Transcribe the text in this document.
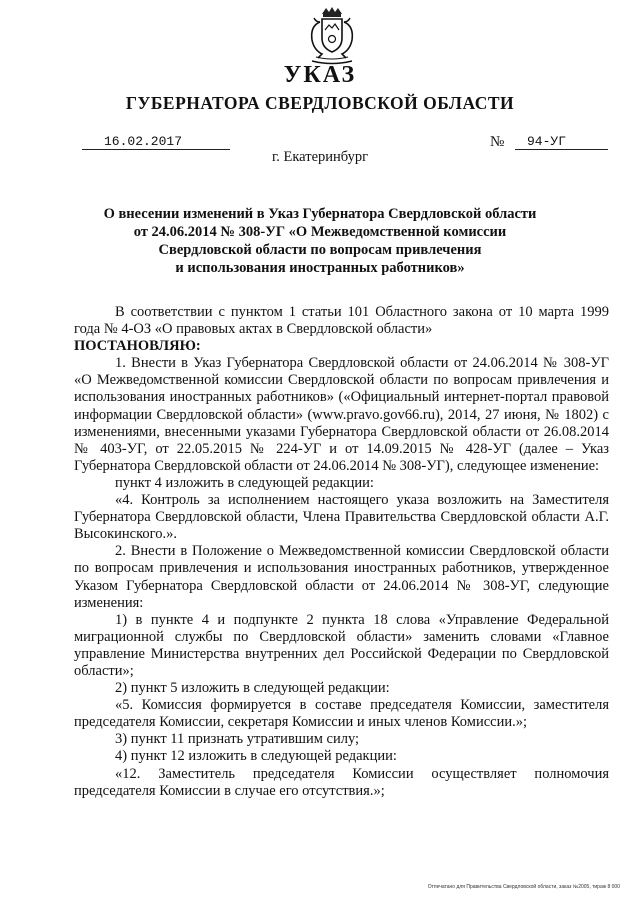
УКАЗ
ГУБЕРНАТОРА СВЕРДЛОВСКОЙ ОБЛАСТИ
16.02.2017	№	94-УГ
г. Екатеринбург
О внесении изменений в Указ Губернатора Свердловской области
от 24.06.2014 № 308-УГ «О Межведомственной комиссии
Свердловской области по вопросам привлечения
и использования иностранных работников»

В соответствии с пунктом 1 статьи 101 Областного закона от 10 марта 1999 года № 4-ОЗ «О правовых актах в Свердловской области»

ПОСТАНОВЛЯЮ:

1. Внести в Указ Губернатора Свердловской области от 24.06.2014 № 308-УГ «О Межведомственной комиссии Свердловской области по вопросам привлечения и использования иностранных работников» («Официальный интернет-портал правовой информации Свердловской области» (www.pravo.gov66.ru), 2014, 27 июня, № 1802) с изменениями, внесенными указами Губернатора Свердловской области от 26.08.2014 № 403-УГ, от 22.05.2015 № 224-УГ и от 14.09.2015 № 428-УГ (далее – Указ Губернатора Свердловской области от 24.06.2014 № 308-УГ), следующее изменение:

пункт 4 изложить в следующей редакции:

«4. Контроль за исполнением настоящего указа возложить на Заместителя Губернатора Свердловской области, Члена Правительства Свердловской области А.Г. Высокинского.».

2. Внести в Положение о Межведомственной комиссии Свердловской области по вопросам привлечения и использования иностранных работников, утвержденное Указом Губернатора Свердловской области от 24.06.2014 № 308-УГ, следующие изменения:

1) в пункте 4 и подпункте 2 пункта 18 слова «Управление Федеральной миграционной службы по Свердловской области» заменить словами «Главное управление Министерства внутренних дел Российской Федерации по Свердловской области»;

2) пункт 5 изложить в следующей редакции:

«5. Комиссия формируется в составе председателя Комиссии, заместителя председателя Комиссии, секретаря Комиссии и иных членов Комиссии.»;

3) пункт 11 признать утратившим силу;

4) пункт 12 изложить в следующей редакции:

«12. Заместитель председателя Комиссии осуществляет полномочия председателя Комиссии в случае его отсутствия.»;

Отпечатано для Правительства Свердловской области, заказ №2005, тираж 8 000
